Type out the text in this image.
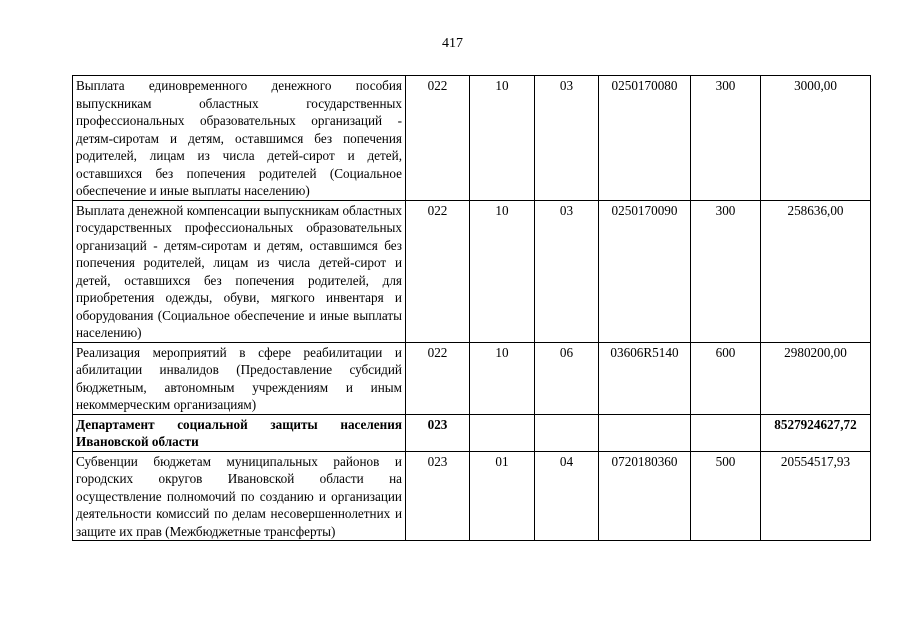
417
Выплата единовременного денежного пособия выпускникам областных государственных профессиональных образовательных организаций - детям-сиротам и детям, оставшимся без попечения родителей, лицам из числа детей-сирот и детей, оставшихся без попечения родителей (Социальное обеспечение и иные выплаты населению)	022	10	03	0250170080	300	3000,00
Выплата денежной компенсации выпускникам областных государственных профессиональных образовательных организаций - детям-сиротам и детям, оставшимся без попечения родителей, лицам из числа детей-сирот и детей, оставшихся без попечения родителей, для приобретения одежды, обуви, мягкого инвентаря и оборудования (Социальное обеспечение и иные выплаты населению)	022	10	03	0250170090	300	258636,00
Реализация мероприятий в сфере реабилитации и абилитации инвалидов (Предоставление субсидий бюджетным, автономным учреждениям и иным некоммерческим организациям)	022	10	06	03606R5140	600	2980200,00
Департамент социальной защиты населения Ивановской области	023					8527924627,72
Субвенции бюджетам муниципальных районов и городских округов Ивановской области на осуществление полномочий по созданию и организации деятельности комиссий по делам несовершеннолетних и защите их прав (Межбюджетные трансферты)	023	01	04	0720180360	500	20554517,93
